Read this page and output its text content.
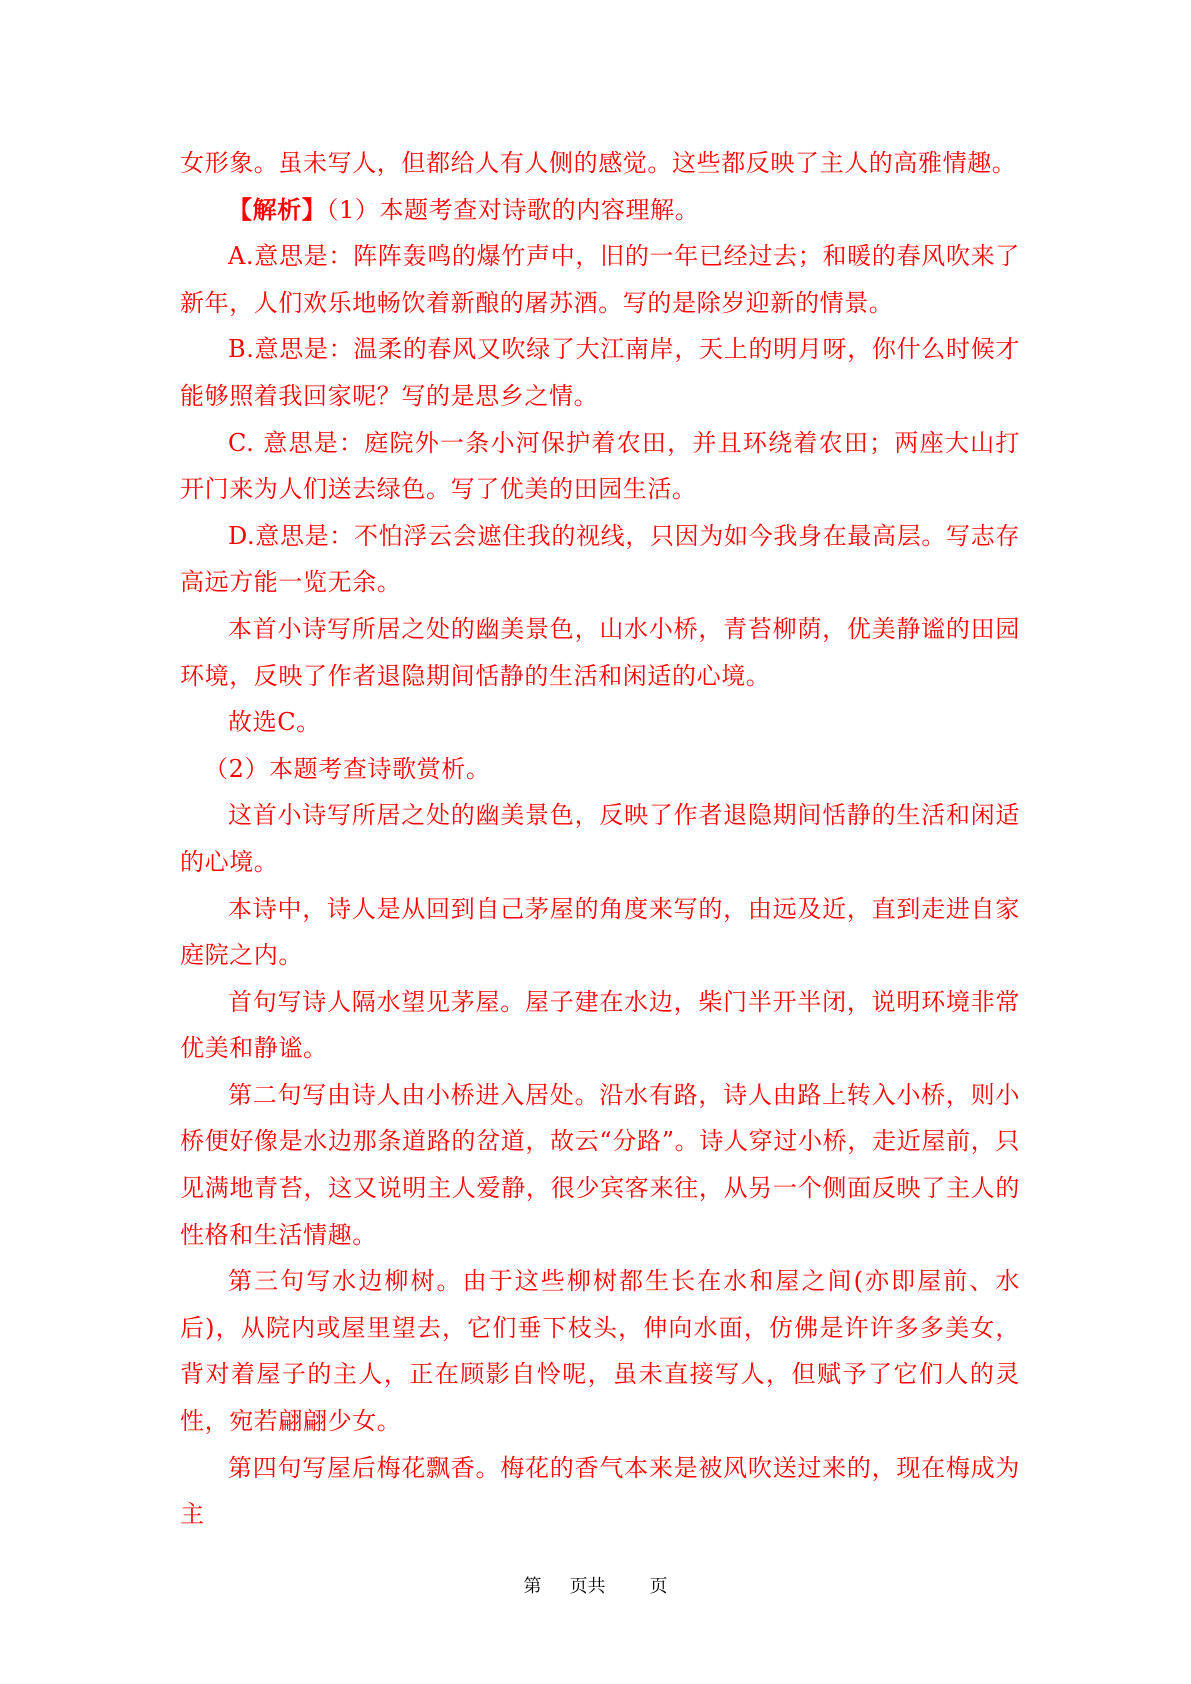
女形象。虽未写人，但都给人有人侧的感觉。这些都反映了主人的高雅情趣。

【解析】（1）本题考查对诗歌的内容理解。

A.意思是：阵阵轰鸣的爆竹声中，旧的一年已经过去；和暖的春风吹来了新年，人们欢乐地畅饮着新酿的屠苏酒。写的是除岁迎新的情景。

B.意思是：温柔的春风又吹绿了大江南岸，天上的明月呀，你什么时候才能够照着我回家呢？写的是思乡之情。

C. 意思是：庭院外一条小河保护着农田，并且环绕着农田；两座大山打开门来为人们送去绿色。写了优美的田园生活。

D.意思是：不怕浮云会遮住我的视线，只因为如今我身在最高层。写志存高远方能一览无余。

本首小诗写所居之处的幽美景色，山水小桥，青苔柳荫，优美静谧的田园环境，反映了作者退隐期间恬静的生活和闲适的心境。

故选C。

（2）本题考查诗歌赏析。

这首小诗写所居之处的幽美景色，反映了作者退隐期间恬静的生活和闲适的心境。

本诗中，诗人是从回到自己茅屋的角度来写的，由远及近，直到走进自家庭院之内。

首句写诗人隔水望见茅屋。屋子建在水边，柴门半开半闭，说明环境非常优美和静谧。

第二句写由诗人由小桥进入居处。沿水有路，诗人由路上转入小桥，则小桥便好像是水边那条道路的岔道，故云“分路”。诗人穿过小桥，走近屋前，只见满地青苔，这又说明主人爱静，很少宾客来往，从另一个侧面反映了主人的性格和生活情趣。

第三句写水边柳树。由于这些柳树都生长在水和屋之间(亦即屋前、水后)，从院内或屋里望去，它们垂下枝头，伸向水面，仿佛是许许多多美女，背对着屋子的主人，正在顾影自怜呢，虽未直接写人，但赋予了它们人的灵性，宛若翩翩少女。

第四句写屋后梅花飘香。梅花的香气本来是被风吹送过来的，现在梅成为主

第 页共 页
